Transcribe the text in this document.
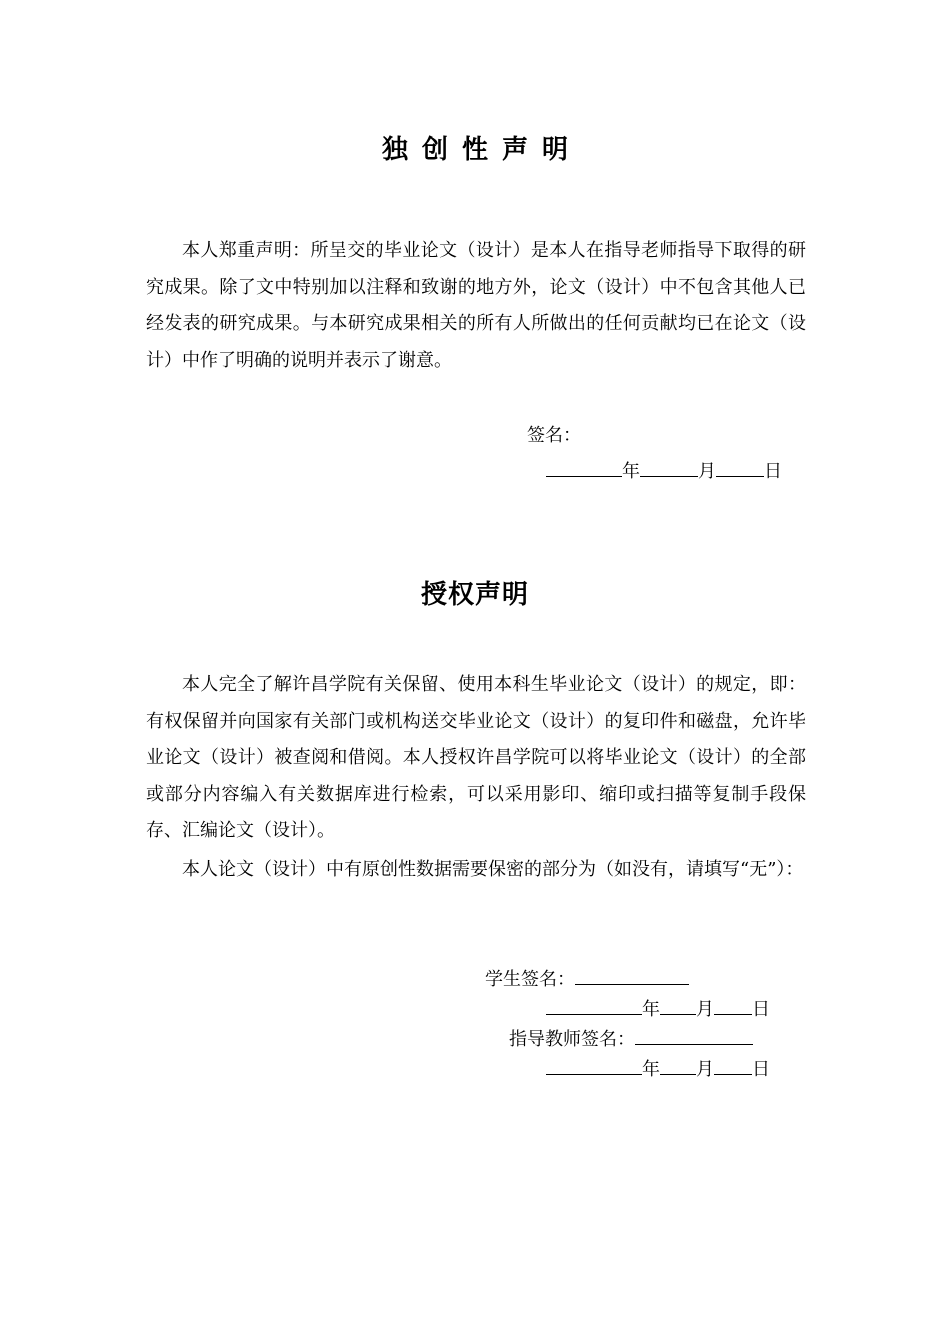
独创性声明
本人郑重声明：所呈交的毕业论文（设计）是本人在指导老师指导下取得的研究成果。除了文中特别加以注释和致谢的地方外，论文（设计）中不包含其他人已经发表的研究成果。与本研究成果相关的所有人所做出的任何贡献均已在论文（设计）中作了明确的说明并表示了谢意。
签名：
年	月	日
授权声明
本人完全了解许昌学院有关保留、使用本科生毕业论文（设计）的规定，即：有权保留并向国家有关部门或机构送交毕业论文（设计）的复印件和磁盘，允许毕业论文（设计）被查阅和借阅。本人授权许昌学院可以将毕业论文（设计）的全部或部分内容编入有关数据库进行检索，可以采用影印、缩印或扫描等复制手段保存、汇编论文（设计）。
本人论文（设计）中有原创性数据需要保密的部分为（如没有，请填写“无”）：
学生签名：
年 月 日
指导教师签名：
年 月 日
